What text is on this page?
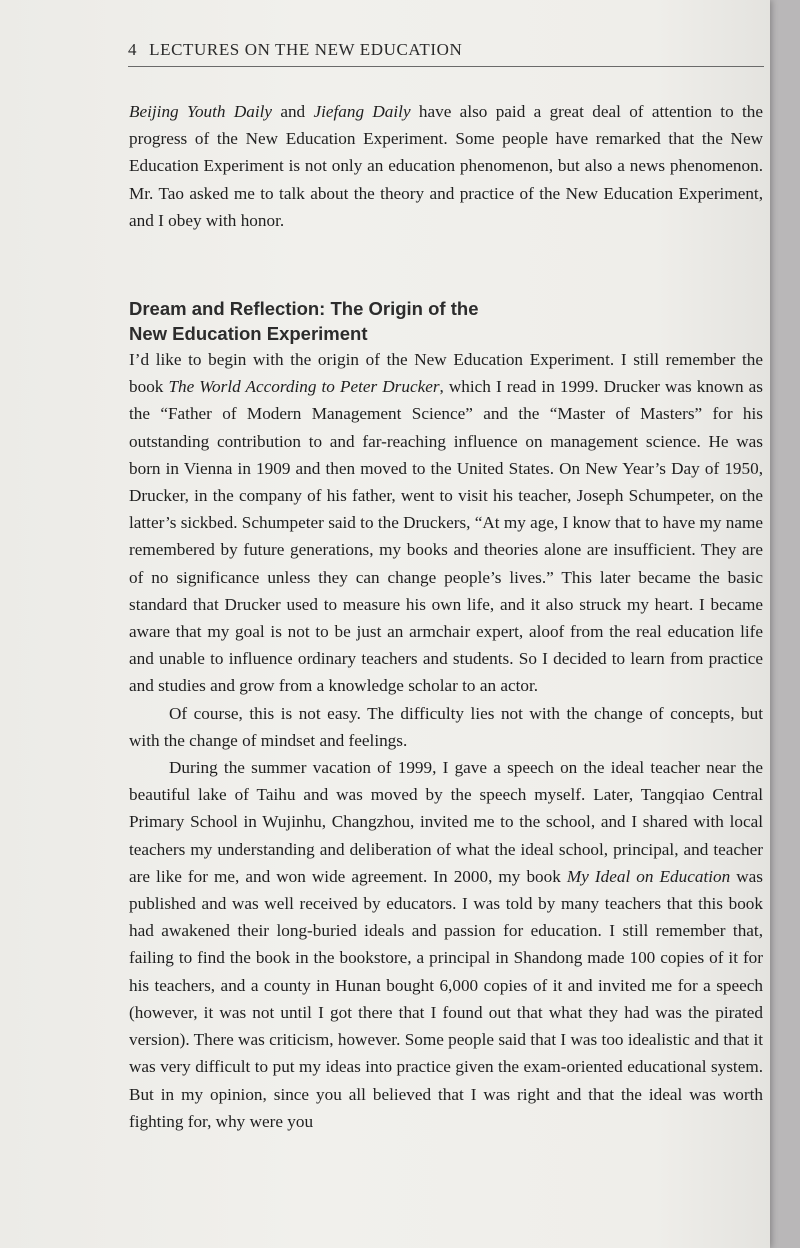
4 LECTURES ON THE NEW EDUCATION

Beijing Youth Daily and Jiefang Daily have also paid a great deal of attention to the progress of the New Education Experiment. Some people have remarked that the New Education Experiment is not only an education phenomenon, but also a news phenomenon. Mr. Tao asked me to talk about the theory and practice of the New Education Experiment, and I obey with honor.

Dream and Reflection: The Origin of the
New Education Experiment

I’d like to begin with the origin of the New Education Experiment. I still remember the book The World According to Peter Drucker, which I read in 1999. Drucker was known as the “Father of Modern Management Science” and the “Master of Masters” for his outstanding contribution to and far-reaching influence on management science. He was born in Vienna in 1909 and then moved to the United States. On New Year’s Day of 1950, Drucker, in the company of his father, went to visit his teacher, Joseph Schumpeter, on the latter’s sickbed. Schumpeter said to the Druckers, “At my age, I know that to have my name remembered by future generations, my books and theories alone are insufficient. They are of no significance unless they can change people’s lives.” This later became the basic standard that Drucker used to measure his own life, and it also struck my heart. I became aware that my goal is not to be just an armchair expert, aloof from the real education life and unable to influence ordinary teachers and students. So I decided to learn from practice and studies and grow from a knowledge scholar to an actor.

Of course, this is not easy. The difficulty lies not with the change of concepts, but with the change of mindset and feelings.

During the summer vacation of 1999, I gave a speech on the ideal teacher near the beautiful lake of Taihu and was moved by the speech myself. Later, Tangqiao Central Primary School in Wujinhu, Changzhou, invited me to the school, and I shared with local teachers my understanding and deliberation of what the ideal school, principal, and teacher are like for me, and won wide agreement. In 2000, my book My Ideal on Education was published and was well received by educators. I was told by many teachers that this book had awakened their long-buried ideals and passion for education. I still remember that, failing to find the book in the bookstore, a principal in Shandong made 100 copies of it for his teachers, and a county in Hunan bought 6,000 copies of it and invited me for a speech (however, it was not until I got there that I found out that what they had was the pirated version). There was criticism, however. Some people said that I was too idealistic and that it was very difficult to put my ideas into practice given the exam-oriented educational system. But in my opinion, since you all believed that I was right and that the ideal was worth fighting for, why were you
